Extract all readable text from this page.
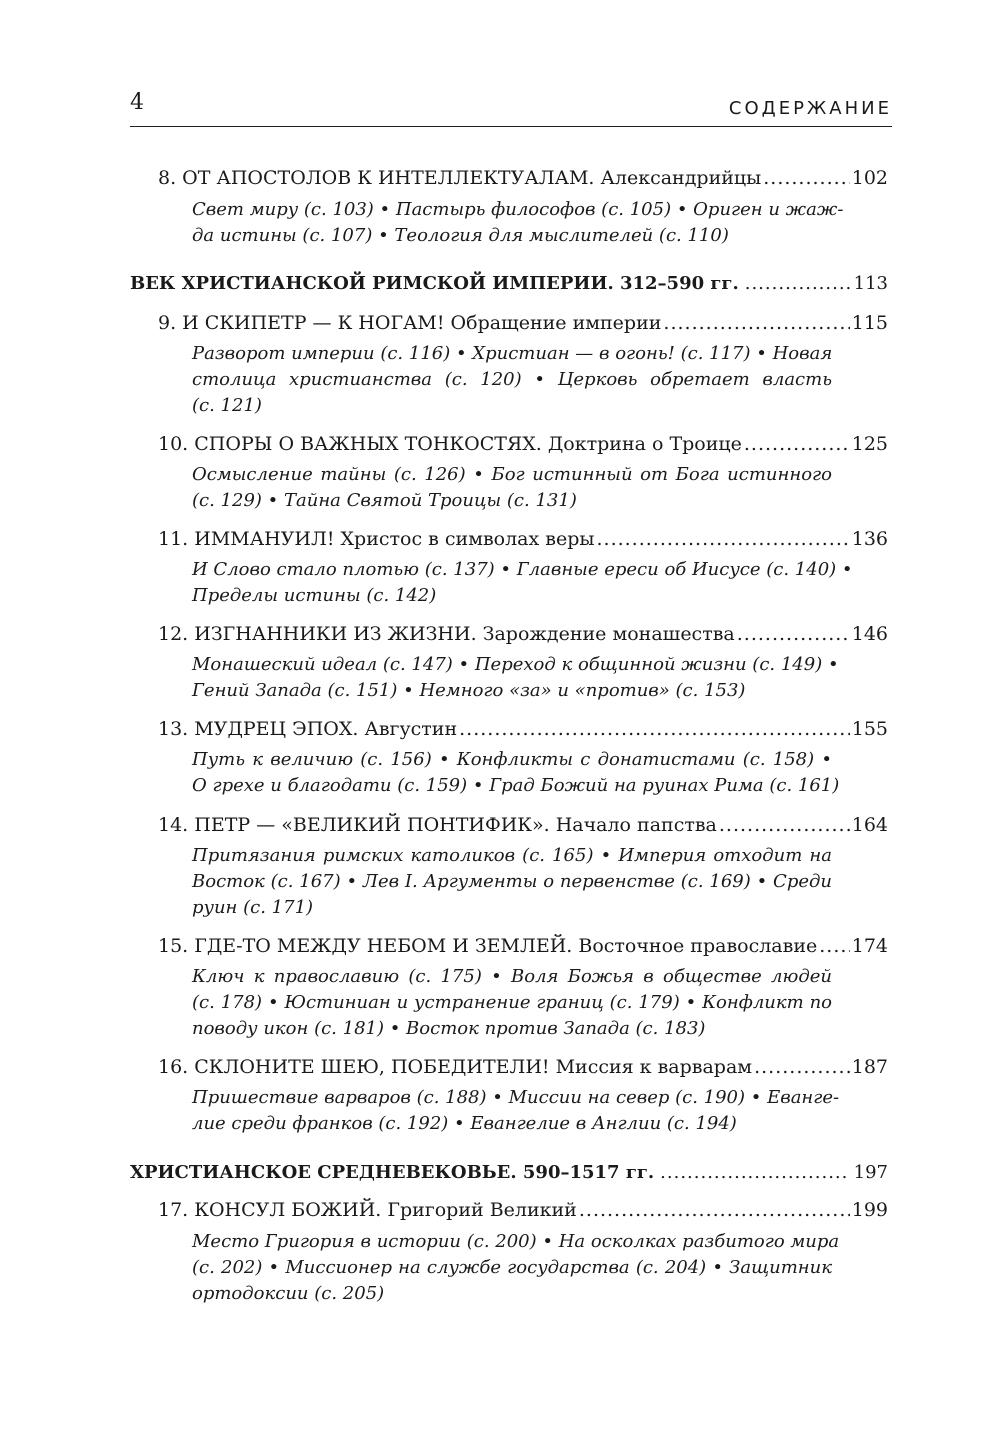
4	СОДЕРЖАНИЕ
8. ОТ АПОСТОЛОВ К ИНТЕЛЛЕКТУАЛАМ. Александрийцы .....	102
Свет миру (с. 103) • Пастырь философов (с. 105) • Ориген и жаж-
да истины (с. 107) • Теология для мыслителей (с. 110)
ВЕК ХРИСТИАНСКОЙ РИМСКОЙ ИМПЕРИИ. 312–590 гг. .....	113
9. И СКИПЕТР — К НОГАМ! Обращение империи .....	115
Разворот империи (с. 116) • Христиан — в огонь! (с. 117) • Новая
столица христианства (с. 120) • Церковь обретает власть
(с. 121)
10. СПОРЫ О ВАЖНЫХ ТОНКОСТЯХ. Доктрина о Троице .....	125
Осмысление тайны (с. 126) • Бог истинный от Бога истинного
(с. 129) • Тайна Святой Троицы (с. 131)
11. ИММАНУИЛ! Христос в символах веры .....	136
И Слово стало плотью (с. 137) • Главные ереси об Иисусе (с. 140) •
Пределы истины (с. 142)
12. ИЗГНАННИКИ ИЗ ЖИЗНИ. Зарождение монашества .....	146
Монашеский идеал (с. 147) • Переход к общинной жизни (с. 149) •
Гений Запада (с. 151) • Немного «за» и «против» (с. 153)
13. МУДРЕЦ ЭПОХ. Августин .....	155
Путь к величию (с. 156) • Конфликты с донатистами (с. 158) •
О грехе и благодати (с. 159) • Град Божий на руинах Рима (с. 161)
14. ПЕТР — «ВЕЛИКИЙ ПОНТИФИК». Начало папства .....	164
Притязания римских католиков (с. 165) • Империя отходит на
Восток (с. 167) • Лев I. Аргументы о первенстве (с. 169) • Среди
руин (с. 171)
15. ГДЕ-ТО МЕЖДУ НЕБОМ И ЗЕМЛЕЙ. Восточное православие ..... 174
Ключ к православию (с. 175) • Воля Божья в обществе людей
(с. 178) • Юстиниан и устранение границ (с. 179) • Конфликт по
поводу икон (с. 181) • Восток против Запада (с. 183)
16. СКЛОНИТЕ ШЕЮ, ПОБЕДИТЕЛИ! Миссия к варварам .....	187
Пришествие варваров (с. 188) • Миссии на север (с. 190) • Еванге-
лие среди франков (с. 192) • Евангелие в Англии (с. 194)
ХРИСТИАНСКОЕ СРЕДНЕВЕКОВЬЕ. 590–1517 гг. .....	197
17. КОНСУЛ БОЖИЙ. Григорий Великий .....	199
Место Григория в истории (с. 200) • На осколках разбитого мира
(с. 202) • Миссионер на службе государства (с. 204) • Защитник
ортодоксии (с. 205)
